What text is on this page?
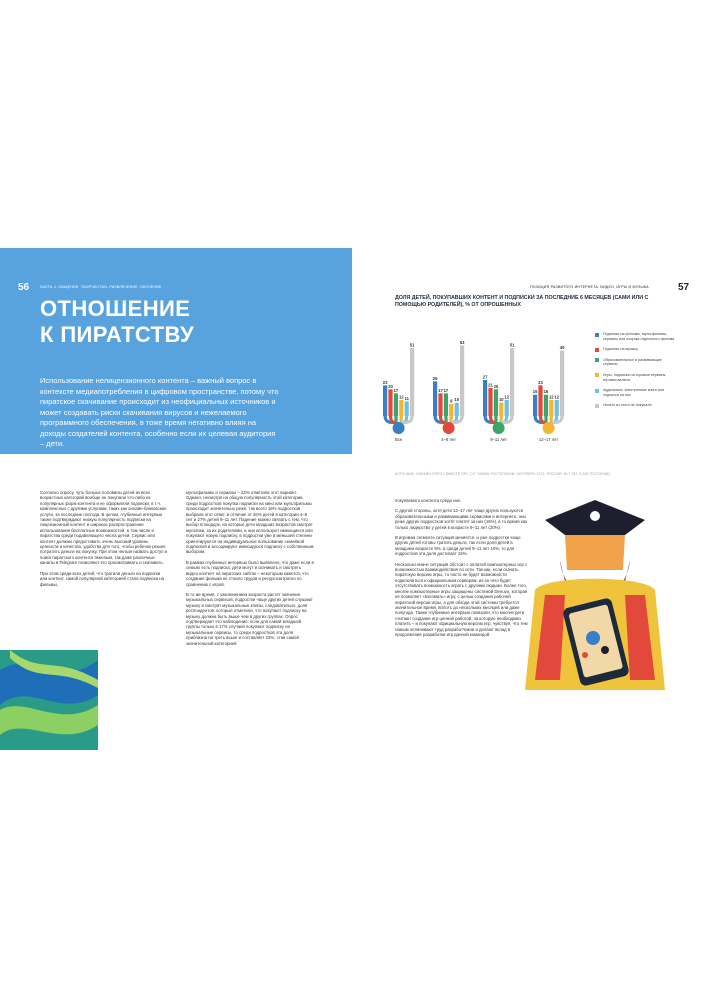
56	ЧАСТЬ 1. ОБЩЕНИЕ, ТВОРЧЕСТВО, РАЗВЛЕЧЕНИЕ, ОБУЧЕНИЕ
ОТНОШЕНИЕ
К ПИРАТСТВУ

Использование нелицензионного контента – важный вопрос в контексте медиапотребления в цифровом пространстве, потому что пиратское скачивание происходит из неофициальных источников и может создавать риски скачивания вирусов и нежелаемого программного обеспечения, в тоже время негативно влияя на доходы создателей контента, особенно если их целевая аудитория – дети.

Согласно опросу, чуть больше половины детей из всех возрастных категорий вообще не покупали что-либо из популярных форм контента и не оформляли подписки, в т.ч. комплексных с другими услугами, таких как онлайн-банковские услуги, за последние полгода. В целом, глубинные интервью также подтверждают низкую популярность подписки на лицензионный контент и широкое распространение использования бесплатных возможностей, в том числе и пиратства среди подавляющего числа детей. Сервис или контент должны предоставить очень высокий уровень ценности и качества, удобства для того, чтобы ребенок решил потратить деньги на покупку. При этом нельзя назвать доступ и поиск пиратского контента тяжелым, так даже различные каналы в Telegram позволяют его просматривать и скачивать.

При этом среди всех детей, что тратили деньги на подписки или контент, самой популярной категорией стала подписка на фильмы,

мультфильмы и сериалы – 23% отметили этот вариант. Однако, несмотря на общую популярность этой категории, среди подростков покупка подписки на кино или мультфильмы происходит значительно реже, так всего 16% подростков выбрали этот ответ, в отличие от 26% детей в категории 4–8 лет и 27% детей 9–11 лет. Падение можно связать с тем, что выбор площадок, на которые дети младших возрастов смотрят мультики, за их родителями, и они используют имеющиеся или покупают новую подписку, в подростки уже в меньшей степени ориентируются на индивидуальное пользование семейной подпиской и ассоциируют имеющуюся подписку с собственным выбором.

В рамках глубинных интервью было выявлено, что даже если в семьях есть подписка, дети могут и скачивать и смотреть видео контент на пиратских сайтах – некоторым кажется, что создание фильма не стоило трудов и ресурсозатратно по сравнению с игрой.

В то же время, с ужилинением возраста растет значение музыкальных сервисов, подростки чаще других детей слушают музыку и смотрят музыкальные клипы, следовательно, доля респондентов, которые отметили, что покупают подписку на музыку должна быть выше чем в других группах. Опрос подтверждает это наблюдение: если для самой младшей группы только в 17% случаев покупают подписку на музыкальные сервисы, то среди подростков эта доля приблизна на треть выше и составляет 23%, став самой значительной категорией

ПОЗИЦИЯ РАЗВИТОГО ИНТЕРНЕТА: ВИДЕО, ИГРЫ И МУЗЫКА	57

ДОЛЯ ДЕТЕЙ, ПОКУПАВШИХ КОНТЕНТ И ПОДПИСКИ ЗА ПОСЛЕДНИЕ 6 МЕСЯЦЕВ (САМИ ИЛИ С ПОМОЩЬЮ РОДИТЕЛЕЙ), % ОТ ОПРОШЕННЫХ

23
20
17
12 11
51
Все
26
17 17
9 10
53
4–8 лет
27
21 20
10
12
51
9–11 лет
16
23
16
12 12
49
12–17 лет
Подписка на фильмы, мультфильмы, сериалы или покупка отдельного фильма
Подписка на музыку
Образовательные и развивающие сервисы
Игры, подписка на игровые сервисы, игровая валюта
Аудиокнига, электронные книги или подписка на них
Ничего из этого не покупали
ИСТОЧНИК: ОНЛАЙН-ОПРОС ВМЕСТЕ ОРС ("О" ЗАМОК РОСТЕЛЕКОМ, СЕНТЯБРЬ 2022, РОССИЯ. N=7 787, 5 302 ПОСТАРШЕ)

покупаемого контента среди них.

С другой стороны, хотя дети 12–17 лет чаще других пользуются образовательными и развивающими сервисами в интернете, они реже других подростков хотят платят за них (16%), в то время как только лидерство у детей в возрасте 9–11 лет (20%).

В игровом сегменте ситуация меняется, и уже подростки чаще других детей готовы тратить деньги, так если доля детей в младшем возрасте 9%, а среди детей 9–11 лет 10%, то для подростков эта доля достигает 15%.

Несколько иначе ситуация обстоит с оплатой компьютерных игр с возможностью взаимодействия по сети. Так как, если скачать пиратскую версию игры, то часто не будет возможности подключиться к официальным серверам, из-за чего будет отсутствовать возможность играть с другими людьми. Более того, многие компьютерные игры защищены системой Denuvo, которая не позволяет «взломать» игру, с целью создания рабочей пиратской версии игры, а для обхода этой системы требуется значительное время, вплоть до нескольких месяцев или даже полугода. Также глубинные интервью показали, что многие дети считают создание игр ценной работой, за которую необходимо платить – и покупают официальную версию игр, чувствуя, что тем самым оплачивают труд разработчиков и делают вклад в продолжение разработки игр данной командой.
